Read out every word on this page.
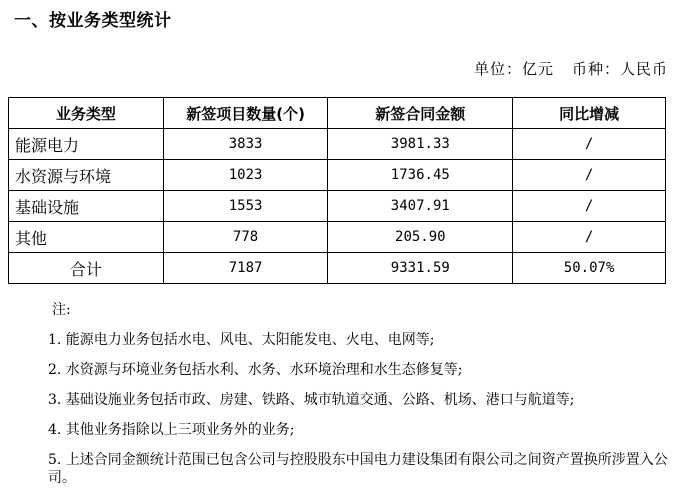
一、按业务类型统计
单位：亿元 币种：人民币
业务类型	新签项目数量(个)	新签合同金额	同比增减
能源电力	3833	3981.33	/
水资源与环境	1023	1736.45	/
基础设施	1553	3407.91	/
其他	778	205.90	/
合计	7187	9331.59	50.07%
注:
1. 能源电力业务包括水电、风电、太阳能发电、火电、电网等;
2. 水资源与环境业务包括水利、水务、水环境治理和水生态修复等;
3. 基础设施业务包括市政、房建、铁路、城市轨道交通、公路、机场、港口与航道等;
4. 其他业务指除以上三项业务外的业务;
5. 上述合同金额统计范围已包含公司与控股股东中国电力建设集团有限公司之间资产置换所涉置入公司。
